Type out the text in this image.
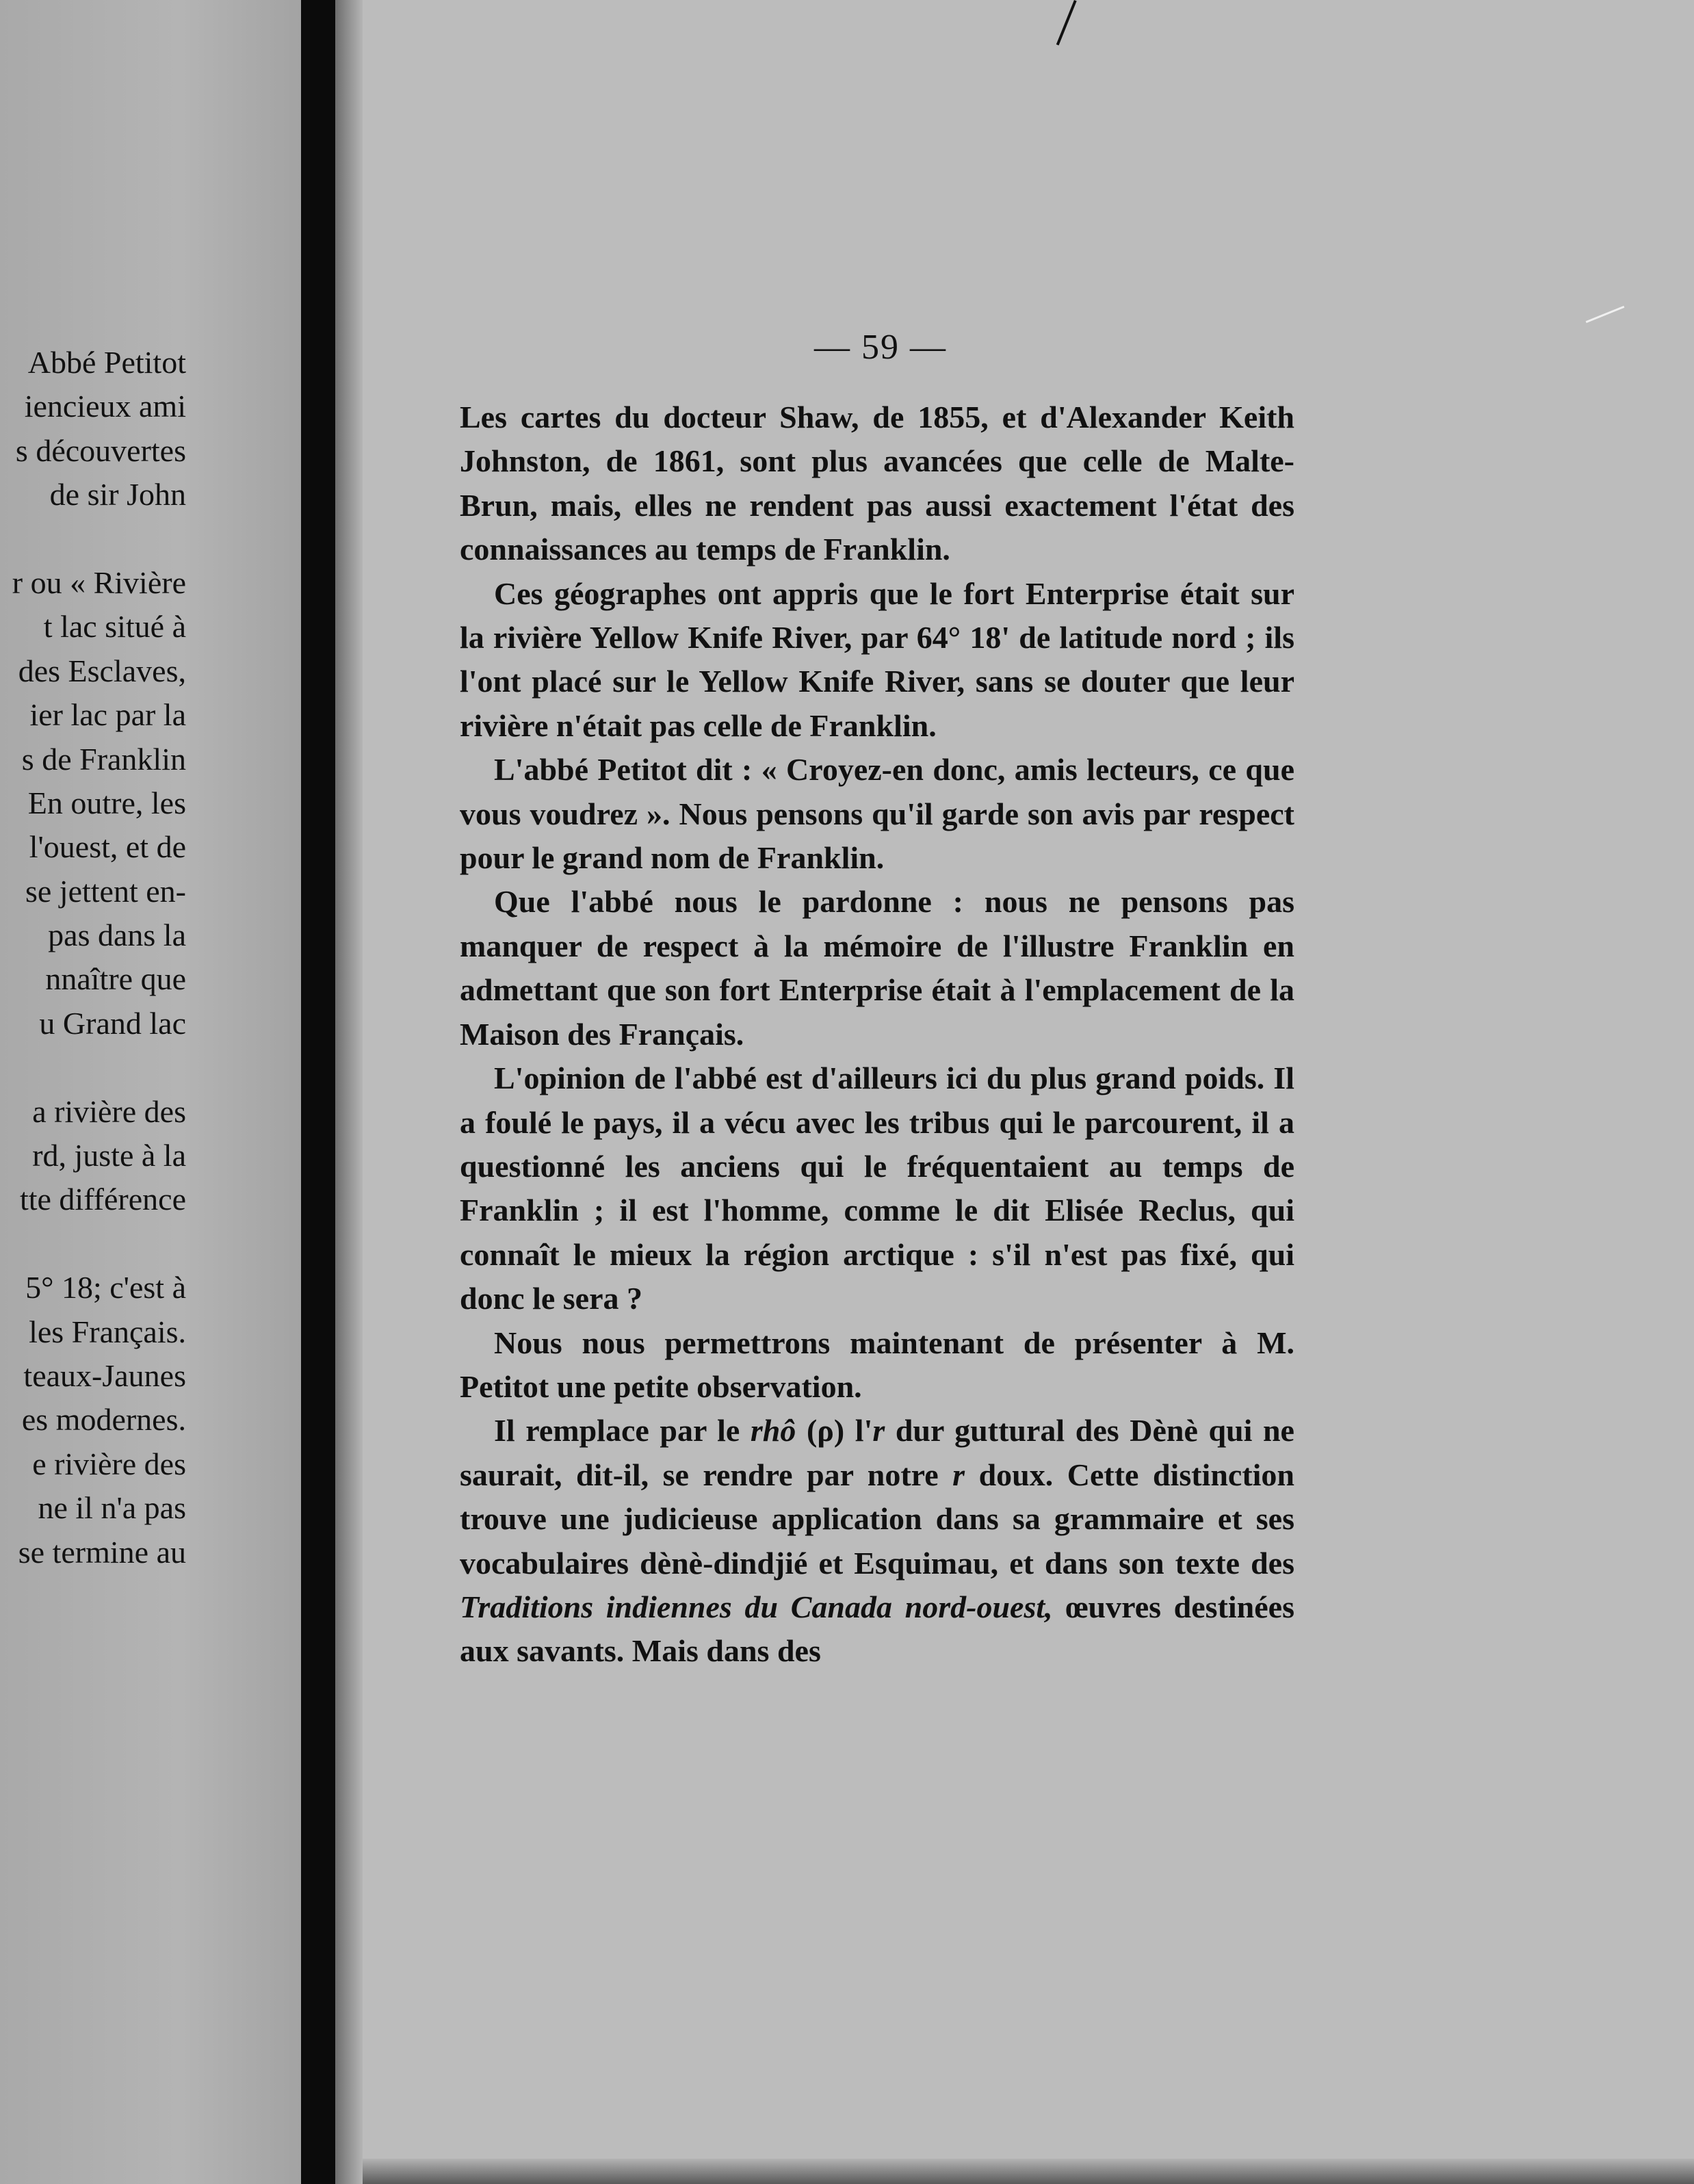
Abbé Petitot
iencieux ami
s découvertes
de sir John
r ou « Rivière
t lac situé à
des Esclaves,
ier lac par la
s de Franklin
En outre, les
l'ouest, et de
se jettent en-
pas dans la
nnaître que
u Grand lac
a rivière des
rd, juste à la
tte différence
5° 18; c'est à
les Français.
teaux-Jaunes
es modernes.
e rivière des
ne il n'a pas
se termine au
— 59 —

Les cartes du docteur Shaw, de 1855, et d'Alexander Keith Johnston, de 1861, sont plus avancées que celle de Malte-Brun, mais, elles ne rendent pas aussi exactement l'état des connaissances au temps de Franklin.

Ces géographes ont appris que le fort Enterprise était sur la rivière Yellow Knife River, par 64° 18' de latitude nord ; ils l'ont placé sur le Yellow Knife River, sans se douter que leur rivière n'était pas celle de Franklin.

L'abbé Petitot dit : « Croyez-en donc, amis lecteurs, ce que vous voudrez ». Nous pensons qu'il garde son avis par respect pour le grand nom de Franklin.

Que l'abbé nous le pardonne : nous ne pensons pas manquer de respect à la mémoire de l'illustre Franklin en admettant que son fort Enterprise était à l'emplacement de la Maison des Français.

L'opinion de l'abbé est d'ailleurs ici du plus grand poids. Il a foulé le pays, il a vécu avec les tribus qui le parcourent, il a questionné les anciens qui le fréquentaient au temps de Franklin ; il est l'homme, comme le dit Elisée Reclus, qui connaît le mieux la région arctique : s'il n'est pas fixé, qui donc le sera ?

Nous nous permettrons maintenant de présenter à M. Petitot une petite observation.

Il remplace par le rhô (ρ) l'r dur guttural des Dènè qui ne saurait, dit-il, se rendre par notre r doux. Cette distinction trouve une judicieuse application dans sa grammaire et ses vocabulaires dènè-dindjié et Esquimau, et dans son texte des Traditions indiennes du Canada nord-ouest, œuvres destinées aux savants. Mais dans des
